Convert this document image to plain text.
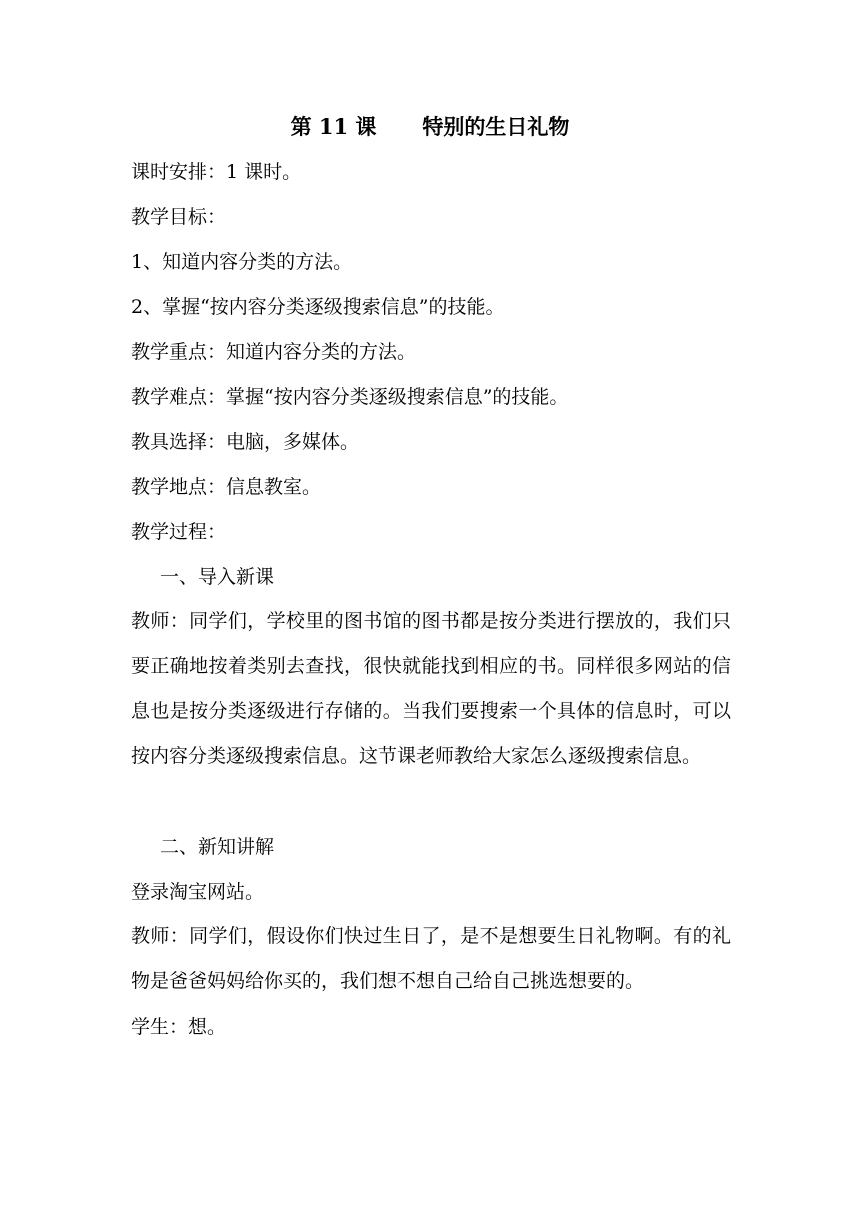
第 11 课 特别的生日礼物
课时安排：1 课时。
教学目标：
1、知道内容分类的方法。
2、掌握“按内容分类逐级搜索信息”的技能。
教学重点：知道内容分类的方法。
教学难点：掌握“按内容分类逐级搜索信息”的技能。
教具选择：电脑，多媒体。
教学地点：信息教室。
教学过程：
一、导入新课
教师：同学们，学校里的图书馆的图书都是按分类进行摆放的，我们只要正确地按着类别去查找，很快就能找到相应的书。同样很多网站的信息也是按分类逐级进行存储的。当我们要搜索一个具体的信息时，可以按内容分类逐级搜索信息。这节课老师教给大家怎么逐级搜索信息。
二、新知讲解
登录淘宝网站。
教师：同学们，假设你们快过生日了，是不是想要生日礼物啊。有的礼物是爸爸妈妈给你买的，我们想不想自己给自己挑选想要的。
学生：想。
